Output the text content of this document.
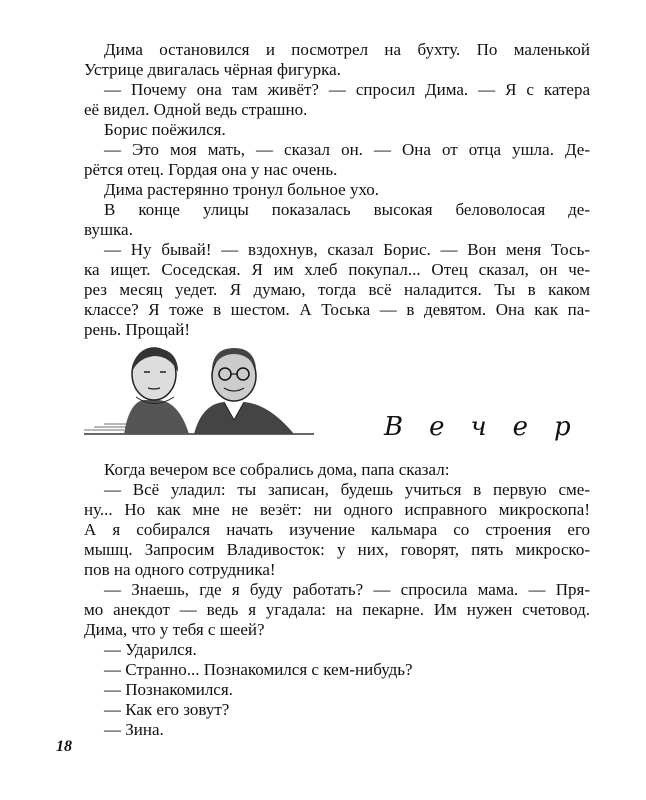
Дима остановился и посмотрел на бухту. По маленькой
Устрице двигалась чёрная фигурка.
— Почему она там живёт? — спросил Дима. — Я с катера
её видел. Одной ведь страшно.
Борис поёжился.
— Это моя мать, — сказал он. — Она от отца ушла. Де-
рётся отец. Гордая она у нас очень.
Дима растерянно тронул больное ухо.
В конце улицы показалась высокая беловолосая де-
вушка.
— Ну бывай! — вздохнув, сказал Борис. — Вон меня Тось-
ка ищет. Соседская. Я им хлеб покупал... Отец сказал, он че-
рез месяц уедет. Я думаю, тогда всё наладится. Ты в каком
классе? Я тоже в шестом. А Тоська — в девятом. Она как па-
рень. Прощай!
Вечер
Когда вечером все собрались дома, папа сказал:
— Всё уладил: ты записан, будешь учиться в первую сме-
ну... Но как мне не везёт: ни одного исправного микроскопа!
А я собирался начать изучение кальмара со строения его
мышц. Запросим Владивосток: у них, говорят, пять микроско-
пов на одного сотрудника!
— Знаешь, где я буду работать? — спросила мама. — Пря-
мо анекдот — ведь я угадала: на пекарне. Им нужен счетовод.
Дима, что у тебя с шеей?
— Ударился.
— Странно... Познакомился с кем-нибудь?
— Познакомился.
— Как его зовут?
— Зина.
18
